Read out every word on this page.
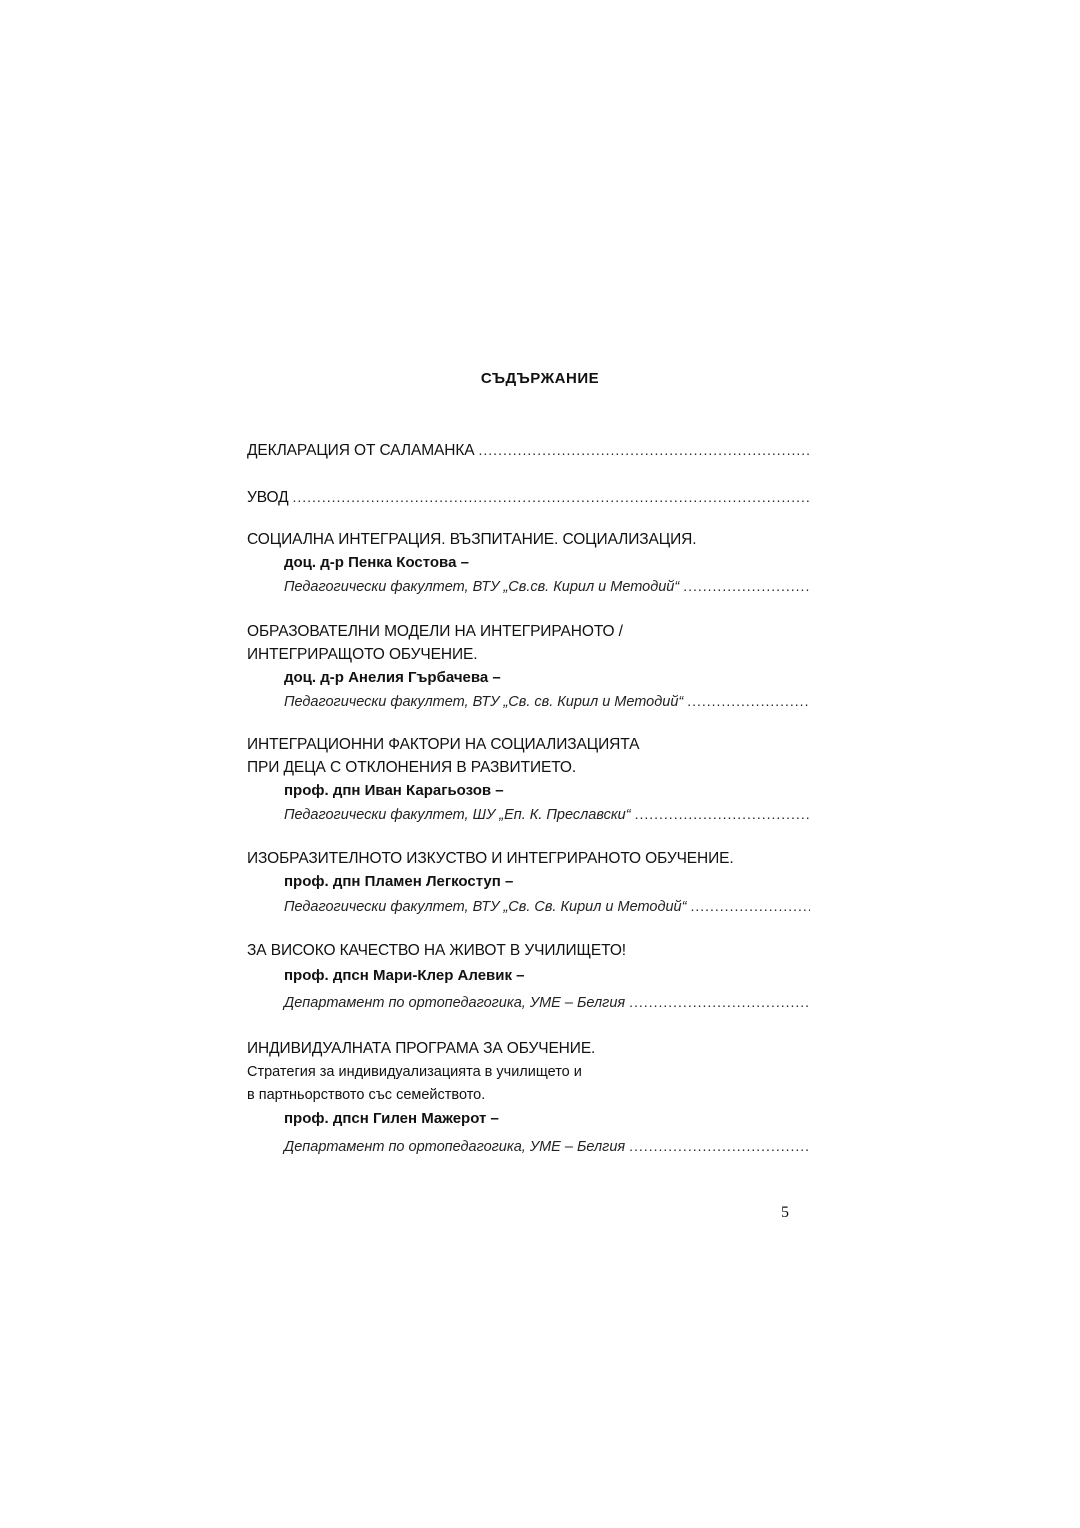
СЪДЪРЖАНИЕ
ДЕКЛАРАЦИЯ ОТ САЛАМАНКА
.....
УВОД
.....
СОЦИАЛНА ИНТЕГРАЦИЯ. ВЪЗПИТАНИЕ. СОЦИАЛИЗАЦИЯ.
доц. д-р Пенка Костова –
Педагогически факултет, ВТУ „Св.св. Кирил и Методий“
.....
ОБРАЗОВАТЕЛНИ МОДЕЛИ НА ИНТЕГРИРАНОТО /
ИНТЕГРИРАЩОТО ОБУЧЕНИЕ.
доц. д-р Анелия Гърбачева –
Педагогически факултет, ВТУ „Св. св. Кирил и Методий“
.....
ИНТЕГРАЦИОННИ ФАКТОРИ НА СОЦИАЛИЗАЦИЯТА
ПРИ ДЕЦА С ОТКЛОНЕНИЯ В РАЗВИТИЕТО.
проф. дпн Иван Карагьозов –
Педагогически факултет, ШУ „Еп. К. Преславски“
.....
ИЗОБРАЗИТЕЛНОТО ИЗКУСТВО И ИНТЕГРИРАНОТО ОБУЧЕНИЕ.
проф. дпн Пламен Легкоступ –
Педагогически факултет, ВТУ „Св. Св. Кирил и Методий“
.....
ЗА ВИСОКО КАЧЕСТВО НА ЖИВОТ В УЧИЛИЩЕТО!
проф. дпсн Мари-Клер Алевик –
Департамент по ортопедагогика, УМЕ – Белгия
.....
ИНДИВИДУАЛНАТА ПРОГРАМА ЗА ОБУЧЕНИЕ.
Стратегия за индивидуализацията в училището и
в партньорството със семейството.
проф. дпсн Гилен Мажерот –
Департамент по ортопедагогика, УМЕ – Белгия
.....
5
